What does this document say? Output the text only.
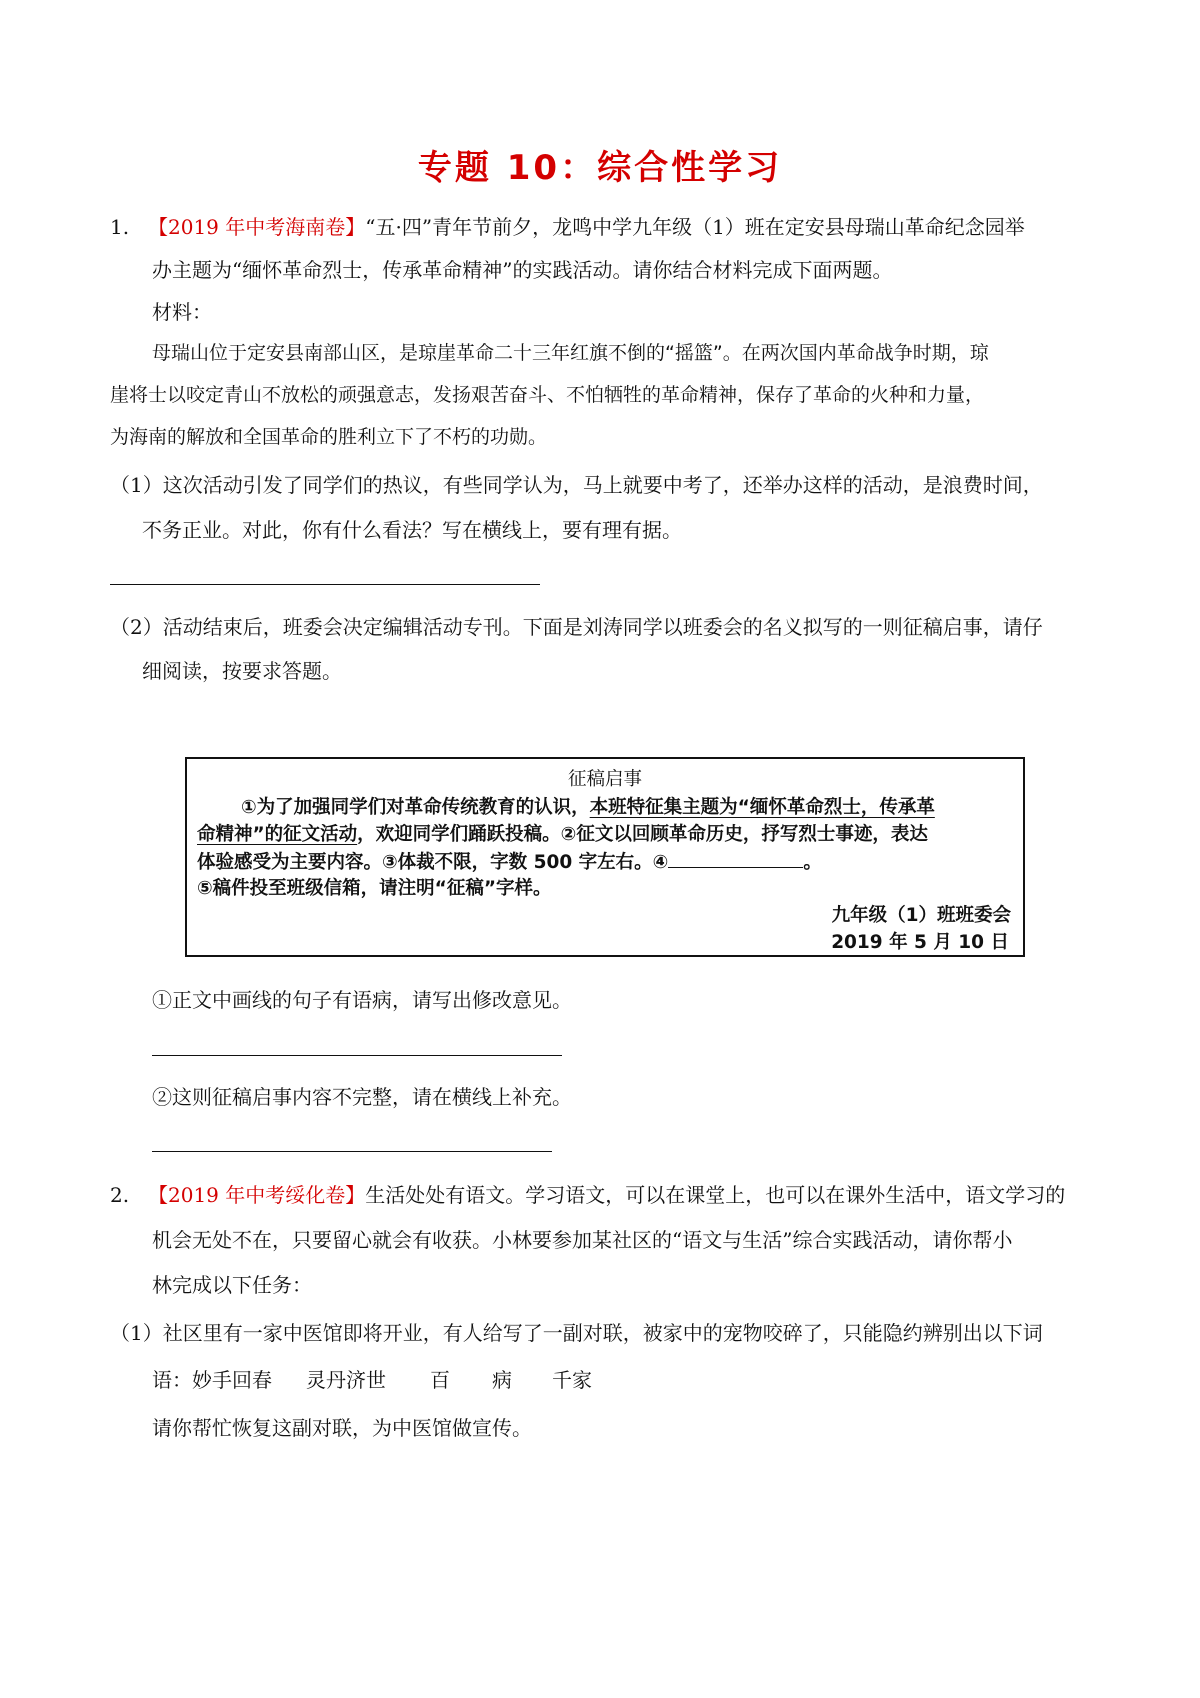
专题 10：综合性学习
1. 【2019 年中考海南卷】“五·四”青年节前夕，龙鸣中学九年级（1）班在定安县母瑞山革命纪念园举
办主题为“缅怀革命烈士，传承革命精神”的实践活动。请你结合材料完成下面两题。
材料：
母瑞山位于定安县南部山区，是琼崖革命二十三年红旗不倒的“摇篮”。在两次国内革命战争时期，琼
崖将士以咬定青山不放松的顽强意志，发扬艰苦奋斗、不怕牺牲的革命精神，保存了革命的火种和力量，
为海南的解放和全国革命的胜利立下了不朽的功勋。
（1）这次活动引发了同学们的热议，有些同学认为，马上就要中考了，还举办这样的活动，是浪费时间，
不务正业。对此，你有什么看法？写在横线上，要有理有据。
（2）活动结束后，班委会决定编辑活动专刊。下面是刘涛同学以班委会的名义拟写的一则征稿启事，请仔
细阅读，按要求答题。
征稿启事
①为了加强同学们对革命传统教育的认识，本班特征集主题为“缅怀革命烈士，传承革
命精神”的征文活动，欢迎同学们踊跃投稿。②征文以回顾革命历史，抒写烈士事迹，表达
体验感受为主要内容。③体裁不限，字数 500 字左右。④	。
⑤稿件投至班级信箱，请注明“征稿”字样。
九年级（1）班班委会
2019 年 5 月 10 日
①正文中画线的句子有语病，请写出修改意见。
②这则征稿启事内容不完整，请在横线上补充。
2. 【2019 年中考绥化卷】生活处处有语文。学习语文，可以在课堂上，也可以在课外生活中，语文学习的
机会无处不在，只要留心就会有收获。小林要参加某社区的“语文与生活”综合实践活动，请你帮小
林完成以下任务：
（1）社区里有一家中医馆即将开业，有人给写了一副对联，被家中的宠物咬碎了，只能隐约辨别出以下词
语：妙手回春 灵丹济世 百 病 千家
请你帮忙恢复这副对联，为中医馆做宣传。
